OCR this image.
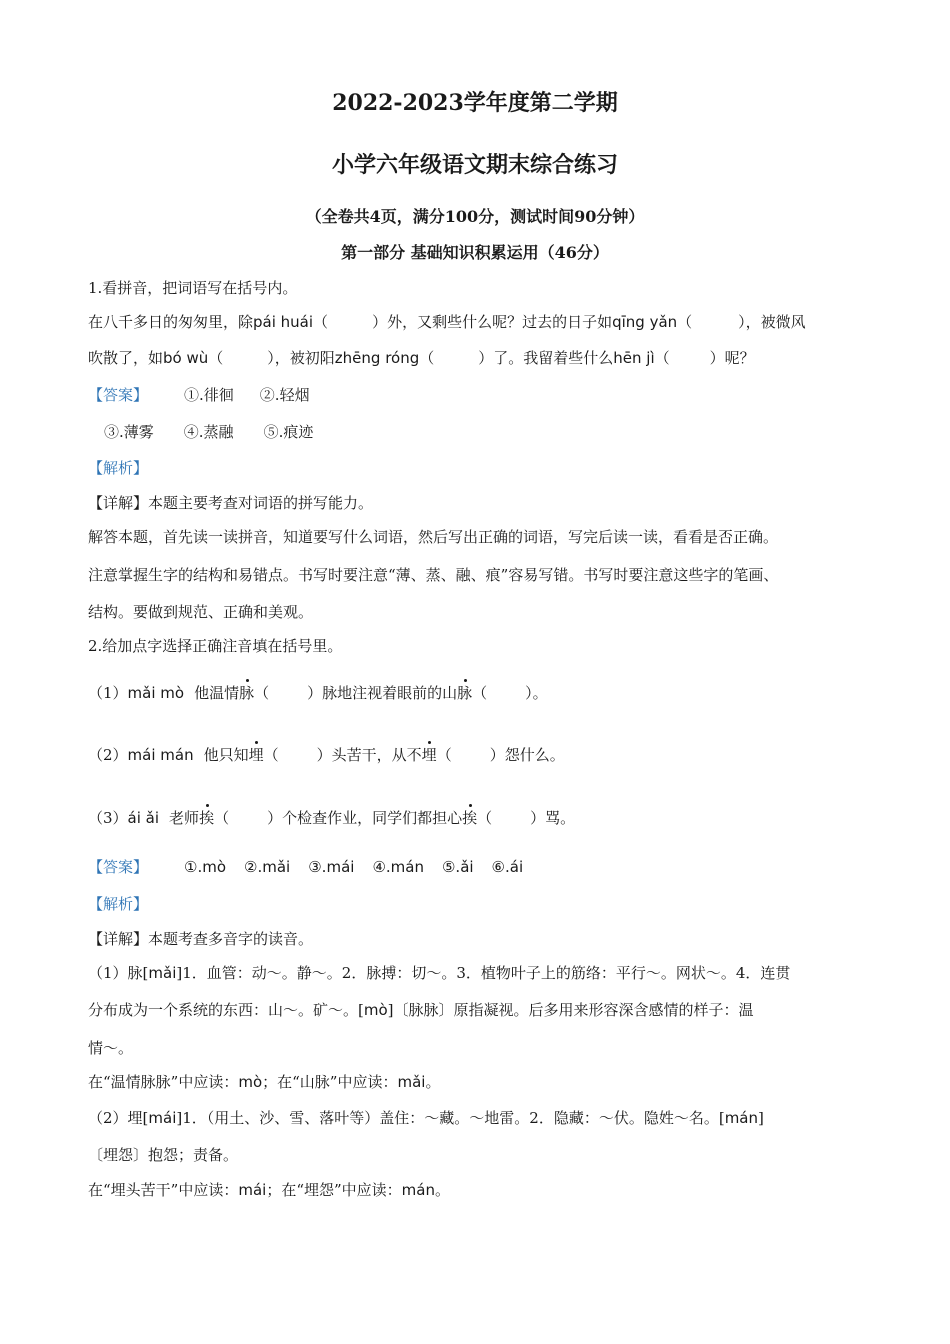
2022-2023学年度第二学期
小学六年级语文期末综合练习
（全卷共4页，满分100分，测试时间90分钟）
第一部分 基础知识积累运用（46分）
1.看拼音，把词语写在括号内。
在八千多日的匆匆里，除pái huái（	）外，又剩些什么呢？过去的日子如qīng yǎn（	），被微风
吹散了，如bó wù（	），被初阳zhēng róng（	）了。我留着些什么hēn jì（	）呢？
【答案】 ①.徘徊 ②.轻烟
③.薄雾 ④.蒸融 ⑤.痕迹
【解析】
【详解】本题主要考查对词语的拼写能力。
解答本题，首先读一读拼音，知道要写什么词语，然后写出正确的词语，写完后读一读，看看是否正确。
注意掌握生字的结构和易错点。书写时要注意“薄、蒸、融、痕”容易写错。书写时要注意这些字的笔画、
结构。要做到规范、正确和美观。
2.给加点字选择正确注音填在括号里。
（1）mǎi mò 他温情脉（	）脉地注视着眼前的山脉（	）。
（2）mái mán 他只知埋（	）头苦干，从不埋（	）怨什么。
（3）ái ǎi 老师挨（	）个检查作业，同学们都担心挨（	）骂。
【答案】 ①.mò ②.mǎi ③.mái ④.mán ⑤.ǎi ⑥.ái
【解析】
【详解】本题考查多音字的读音。
（1）脉[mǎi]1．血管：动～。静～。2．脉搏：切～。3．植物叶子上的筋络：平行～。网状～。4．连贯
分布成为一个系统的东西：山～。矿～。[mò]〔脉脉〕原指凝视。后多用来形容深含感情的样子：温
情～。
在“温情脉脉”中应读：mò；在“山脉”中应读：mǎi。
（2）埋[mái]1．（用土、沙、雪、落叶等）盖住：～藏。～地雷。2．隐藏：～伏。隐姓～名。[mán]
〔埋怨〕抱怨；责备。
在“埋头苦干”中应读：mái；在“埋怨”中应读：mán。
